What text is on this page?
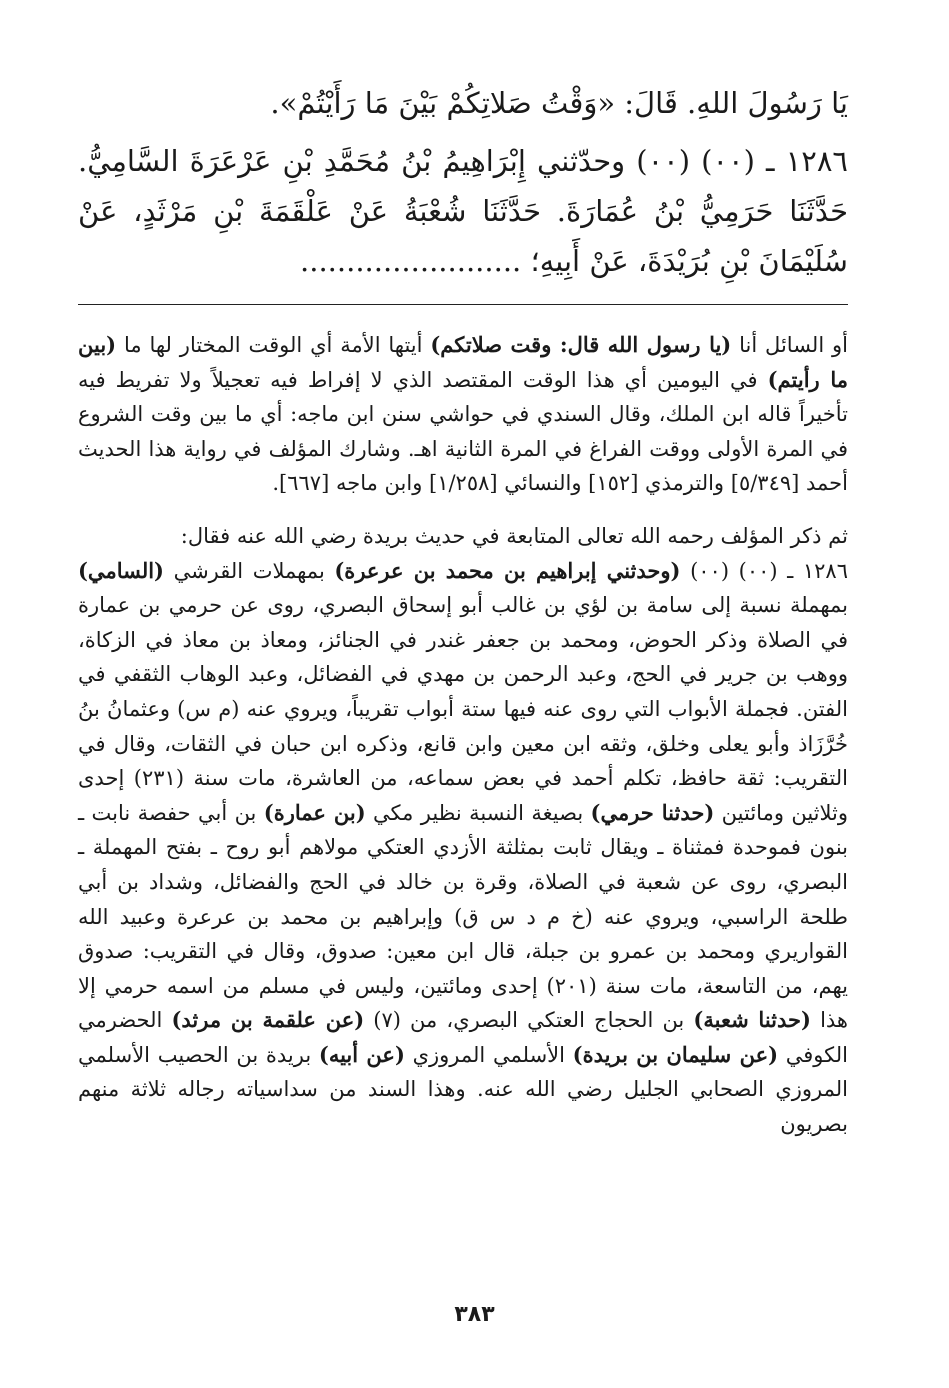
يَا رَسُولَ اللهِ. قَالَ: «وَقْتُ صَلاتِكُمْ بَيْنَ مَا رَأَيْتُمْ».

١٢٨٦ ـ (٠٠) (٠٠) وحدّثني إِبْرَاهِيمُ بْنُ مُحَمَّدِ بْنِ عَرْعَرَةَ السَّامِيُّ. حَدَّثَنَا حَرَمِيُّ بْنُ عُمَارَةَ. حَدَّثَنَا شُعْبَةُ عَنْ عَلْقَمَةَ بْنِ مَرْثَدٍ، عَنْ سُلَيْمَانَ بْنِ بُرَيْدَةَ، عَنْ أَبِيهِ؛ ........................

أو السائل أنا (يا رسول الله قال: وقت صلاتكم) أيتها الأمة أي الوقت المختار لها ما (بين ما رأيتم) في اليومين أي هذا الوقت المقتصد الذي لا إفراط فيه تعجيلاً ولا تفريط فيه تأخيراً قاله ابن الملك، وقال السندي في حواشي سنن ابن ماجه: أي ما بين وقت الشروع في المرة الأولى ووقت الفراغ في المرة الثانية اهـ. وشارك المؤلف في رواية هذا الحديث أحمد [٥/٣٤٩] والترمذي [١٥٢] والنسائي [١/٢٥٨] وابن ماجه [٦٦٧].

ثم ذكر المؤلف رحمه الله تعالى المتابعة في حديث بريدة رضي الله عنه فقال:

١٢٨٦ ـ (٠٠) (٠٠) (وحدثني إبراهيم بن محمد بن عرعرة) بمهملات القرشي (السامي) بمهملة نسبة إلى سامة بن لؤي بن غالب أبو إسحاق البصري، روى عن حرمي بن عمارة في الصلاة وذكر الحوض، ومحمد بن جعفر غندر في الجنائز، ومعاذ بن معاذ في الزكاة، ووهب بن جرير في الحج، وعبد الرحمن بن مهدي في الفضائل، وعبد الوهاب الثقفي في الفتن. فجملة الأبواب التي روى عنه فيها ستة أبواب تقريباً، ويروي عنه (م س) وعثمانُ بنُ خُرَّزَاذ وأبو يعلى وخلق، وثقه ابن معين وابن قانع، وذكره ابن حبان في الثقات، وقال في التقريب: ثقة حافظ، تكلم أحمد في بعض سماعه، من العاشرة، مات سنة (٢٣١) إحدى وثلاثين ومائتين (حدثنا حرمي) بصيغة النسبة نظير مكي (بن عمارة) بن أبي حفصة نابت ـ بنون فموحدة فمثناة ـ ويقال ثابت بمثلثة الأزدي العتكي مولاهم أبو روح ـ بفتح المهملة ـ البصري، روى عن شعبة في الصلاة، وقرة بن خالد في الحج والفضائل، وشداد بن أبي طلحة الراسبي، ويروي عنه (خ م د س ق) وإبراهيم بن محمد بن عرعرة وعبيد الله القواريري ومحمد بن عمرو بن جبلة، قال ابن معين: صدوق، وقال في التقريب: صدوق يهم، من التاسعة، مات سنة (٢٠١) إحدى ومائتين، وليس في مسلم من اسمه حرمي إلا هذا (حدثنا شعبة) بن الحجاج العتكي البصري، من (٧) (عن علقمة بن مرثد) الحضرمي الكوفي (عن سليمان بن بريدة) الأسلمي المروزي (عن أبيه) بريدة بن الحصيب الأسلمي المروزي الصحابي الجليل رضي الله عنه. وهذا السند من سداسياته رجاله ثلاثة منهم بصريون

٣٨٣
